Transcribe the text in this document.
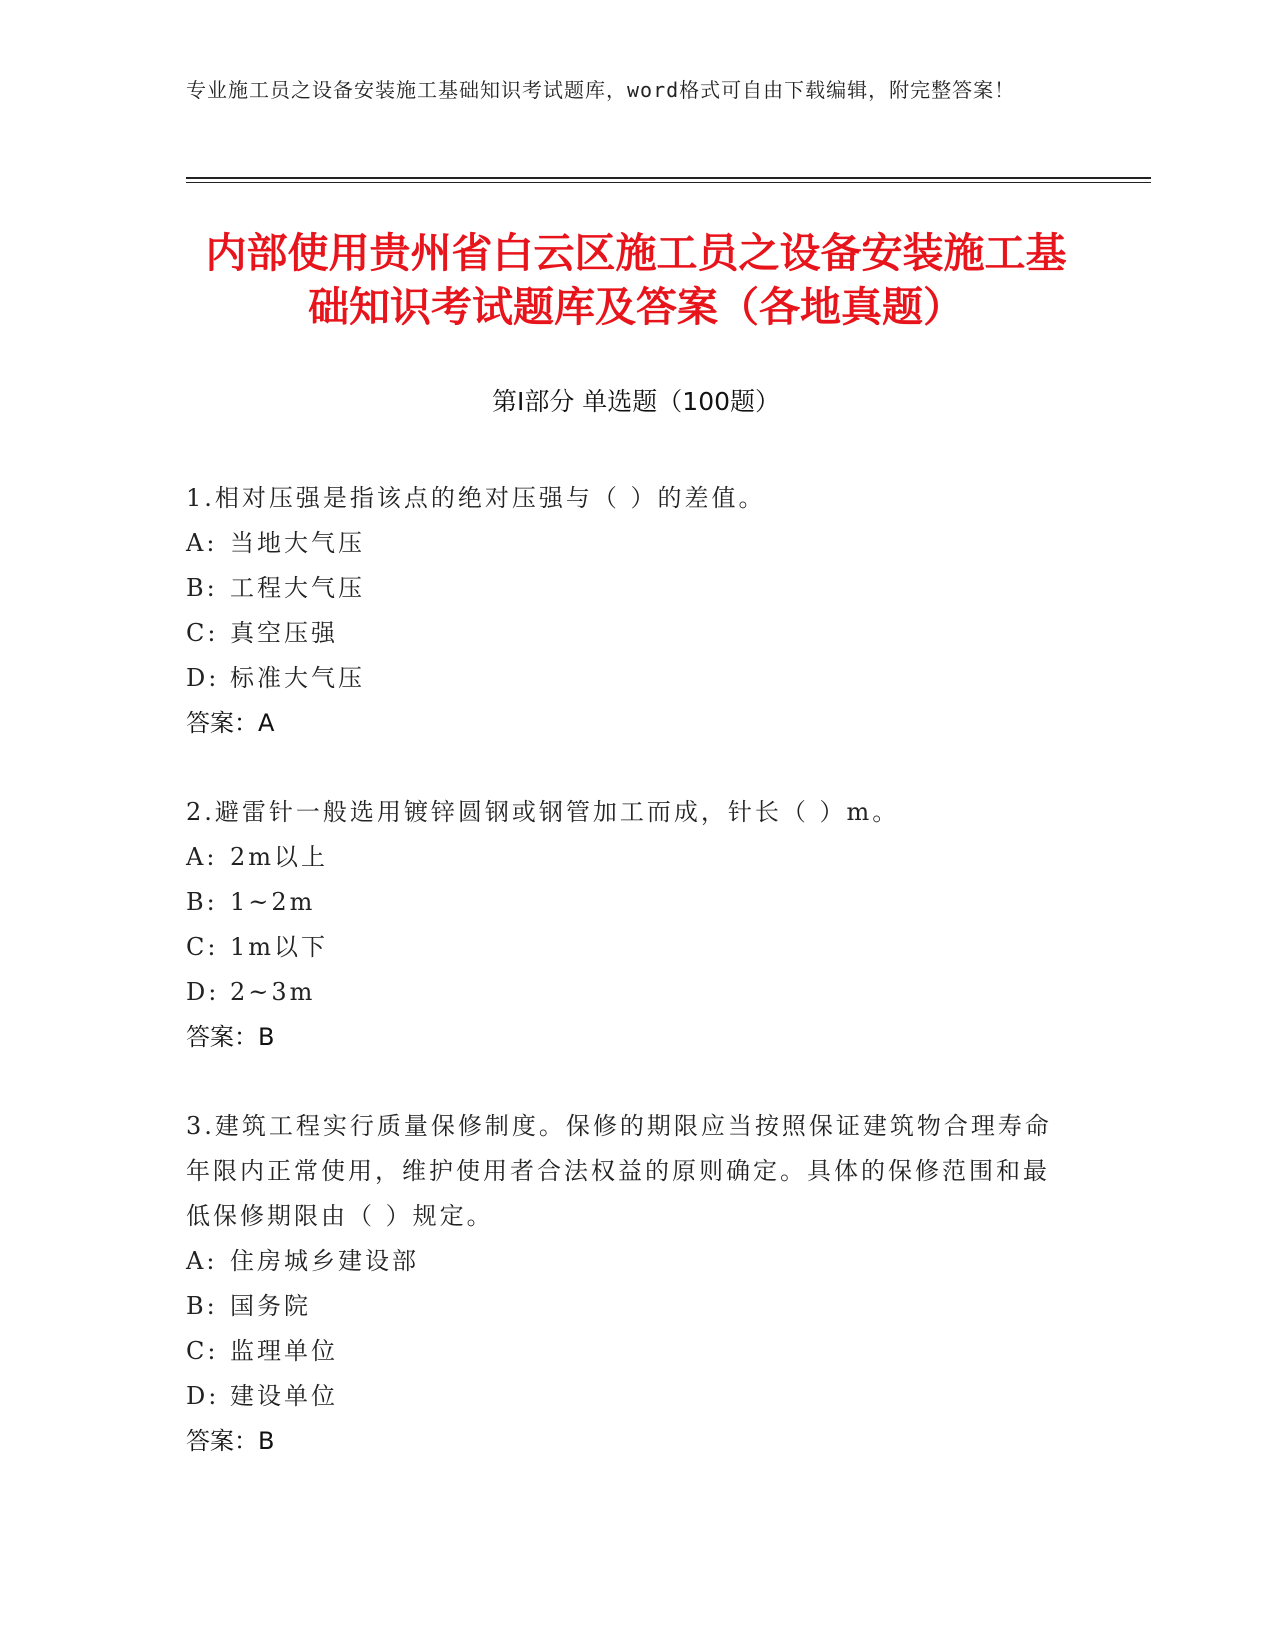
专业施工员之设备安装施工基础知识考试题库，word格式可自由下载编辑，附完整答案！
内部使用贵州省白云区施工员之设备安装施工基础知识考试题库及答案（各地真题）
第I部分 单选题（100题）
1.相对压强是指该点的绝对压强与（ ）的差值。
A: 当地大气压
B: 工程大气压
C: 真空压强
D: 标准大气压
答案：A
2.避雷针一般选用镀锌圆钢或钢管加工而成，针长（ ）m。
A: 2m以上
B: 1~2m
C: 1m以下
D: 2~3m
答案：B
3.建筑工程实行质量保修制度。保修的期限应当按照保证建筑物合理寿命年限内正常使用，维护使用者合法权益的原则确定。具体的保修范围和最低保修期限由（ ）规定。
A: 住房城乡建设部
B: 国务院
C: 监理单位
D: 建设单位
答案：B
